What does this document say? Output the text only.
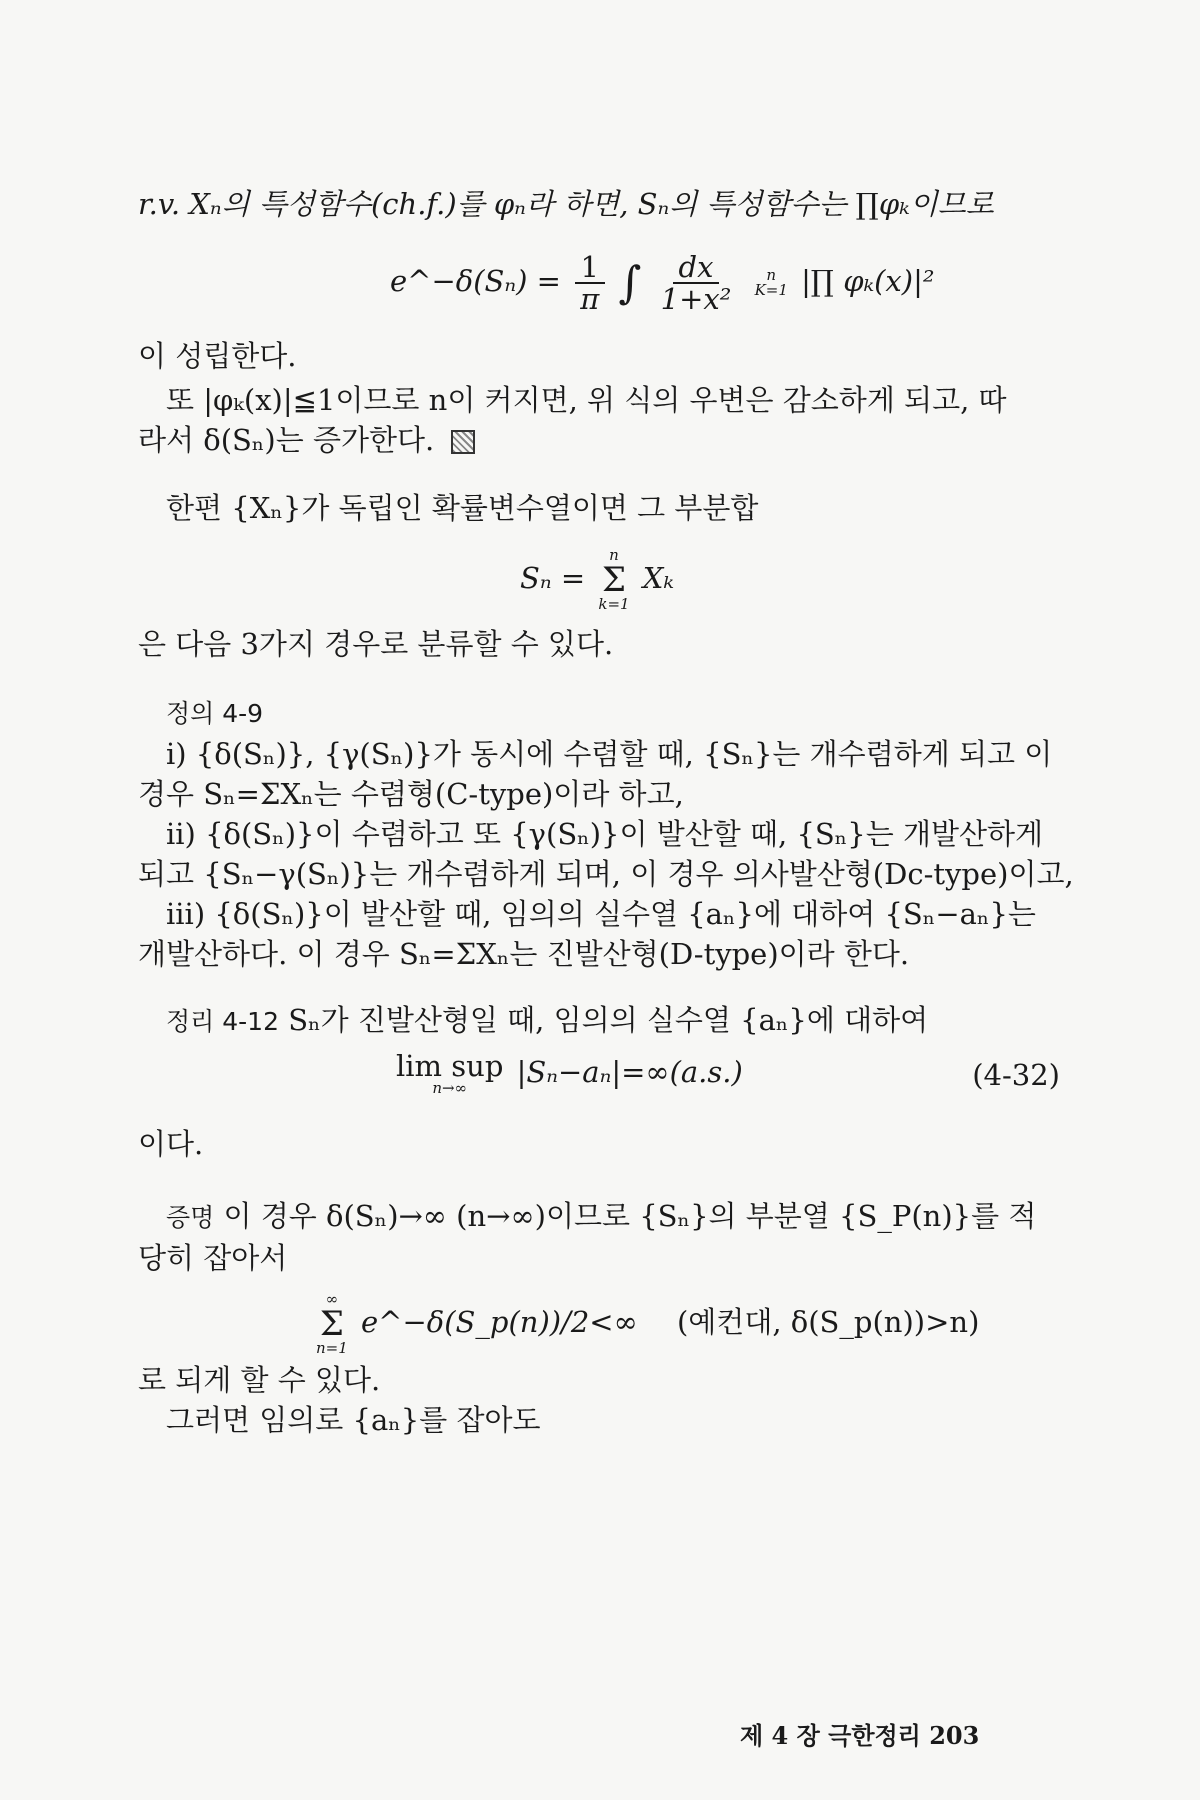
r.v. Xₙ의 특성함수(ch.f.)를 φₙ라 하면, Sₙ의 특성함수는 ∏φₖ이므로
e^−δ(Sₙ) = $\frac{1}{\pi}$ ∫ $\frac{dx}{\text{1+x²}}$
n
K=1 |∏ φₖ(x)|²
이 성립한다.
또 |φₖ(x)|≦1이므로 n이 커지면, 위 식의 우변은 감소하게 되고, 따
라서 δ(Sₙ)는 증가한다.
한편 {Xₙ}가 독립인 확률변수열이면 그 부분합
Sₙ =
n
Σ
k=1
Xₖ
은 다음 3가지 경우로 분류할 수 있다.
정의 4-9
i) {δ(Sₙ)}, {γ(Sₙ)}가 동시에 수렴할 때, {Sₙ}는 개수렴하게 되고 이
경우 Sₙ=ΣXₙ는 수렴형(C-type)이라 하고,
ii) {δ(Sₙ)}이 수렴하고 또 {γ(Sₙ)}이 발산할 때, {Sₙ}는 개발산하게
되고 {Sₙ−γ(Sₙ)}는 개수렴하게 되며, 이 경우 의사발산형(Dc-type)이고,
iii) {δ(Sₙ)}이 발산할 때, 임의의 실수열 {aₙ}에 대하여 {Sₙ−aₙ}는
개발산하다. 이 경우 Sₙ=ΣXₙ는 진발산형(D-type)이라 한다.
정리 4-12 Sₙ가 진발산형일 때, 임의의 실수열 {aₙ}에 대하여
lim sup
n→∞ |Sₙ−aₙ|=∞(a.s.)	(4-32)
이다.
증명 이 경우 δ(Sₙ)→∞ (n→∞)이므로 {Sₙ}의 부분열 {S_P(n)}를 적
당히 잡아서
∞
Σ
n=1
e^−δ(S_p(n))/2<∞ (예컨대, δ(S_p(n))>n)
로 되게 할 수 있다.
그러면 임의로 {aₙ}를 잡아도
제 4 장 극한정리 203
